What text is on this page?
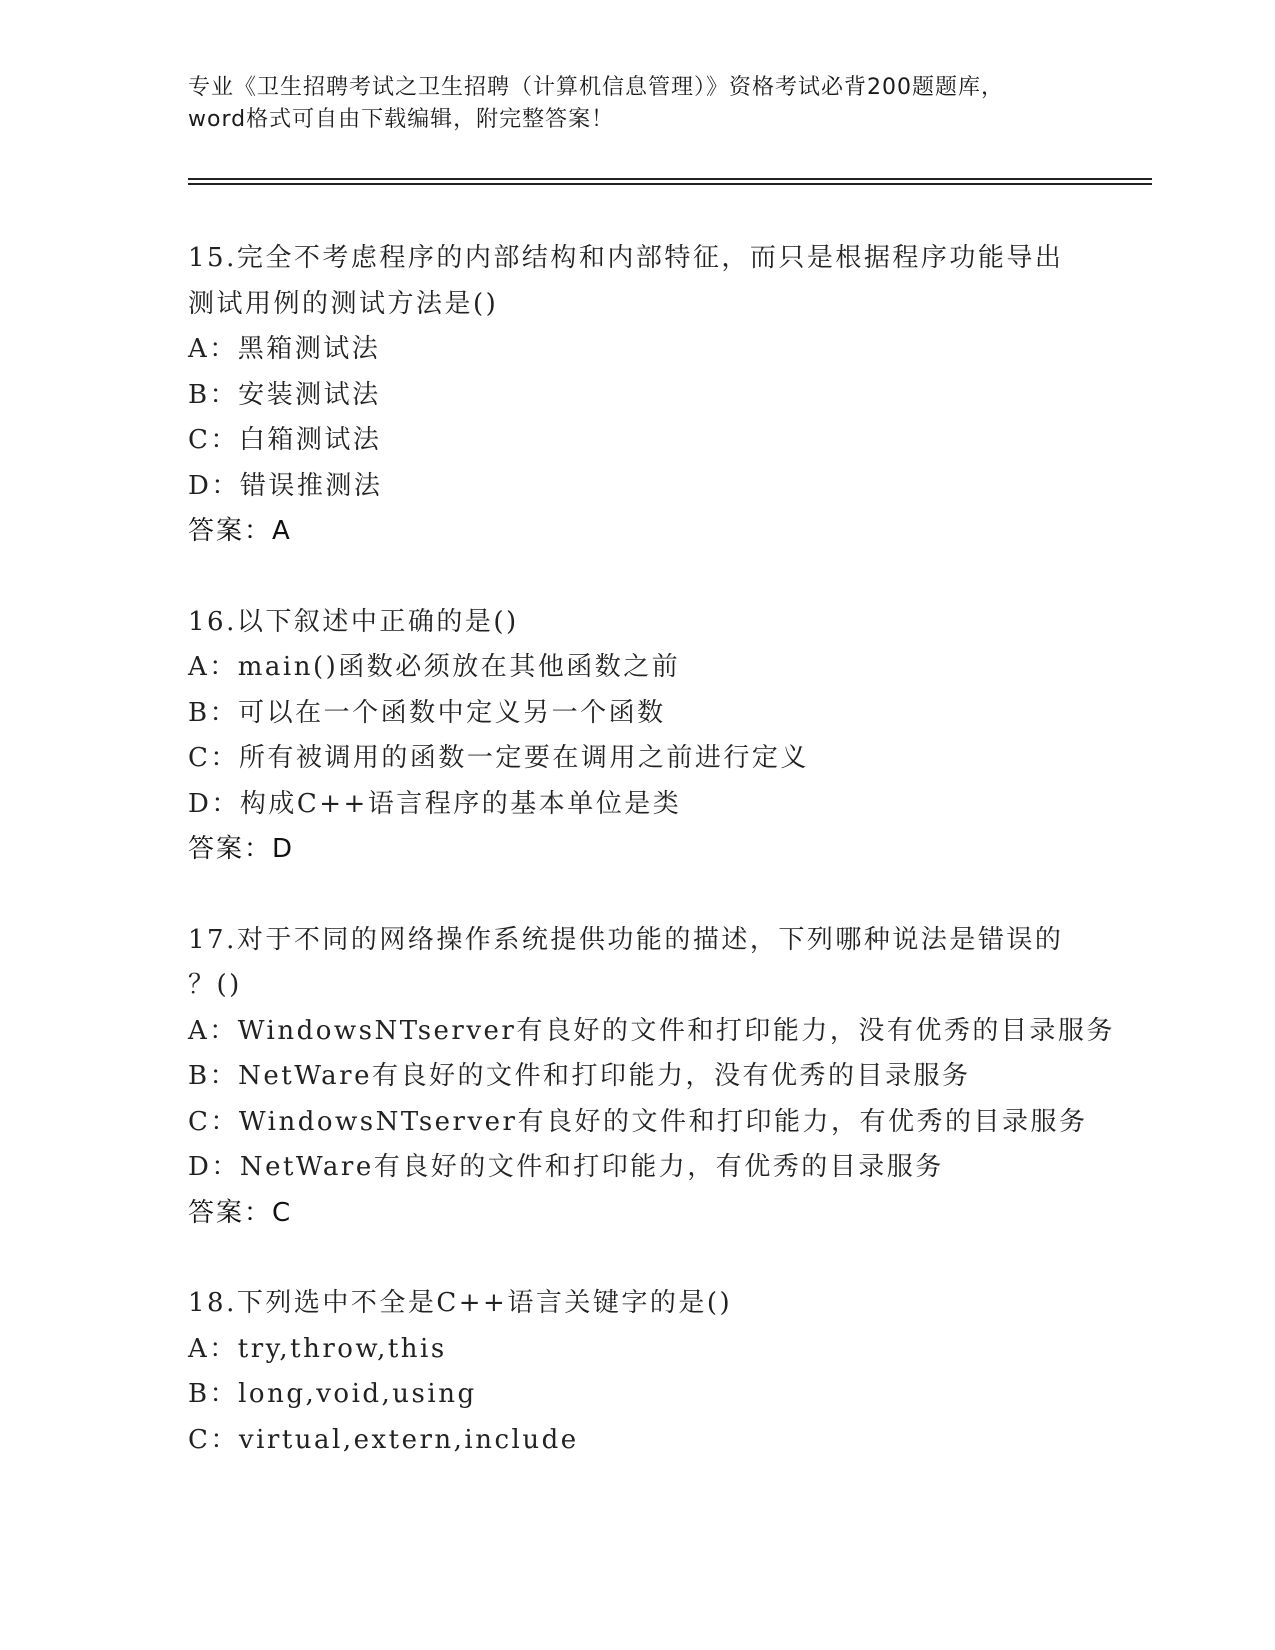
专业《卫生招聘考试之卫生招聘（计算机信息管理）》资格考试必背200题题库，
word格式可自由下载编辑，附完整答案！
15.完全不考虑程序的内部结构和内部特征，而只是根据程序功能导出
测试用例的测试方法是()
A：黑箱测试法
B：安装测试法
C：白箱测试法
D：错误推测法
答案：A
16.以下叙述中正确的是()
A：main()函数必须放在其他函数之前
B：可以在一个函数中定义另一个函数
C：所有被调用的函数一定要在调用之前进行定义
D：构成C++语言程序的基本单位是类
答案：D
17.对于不同的网络操作系统提供功能的描述，下列哪种说法是错误的
？()
A：WindowsNTserver有良好的文件和打印能力，没有优秀的目录服务
B：NetWare有良好的文件和打印能力，没有优秀的目录服务
C：WindowsNTserver有良好的文件和打印能力，有优秀的目录服务
D：NetWare有良好的文件和打印能力，有优秀的目录服务
答案：C
18.下列选中不全是C++语言关键字的是()
A：try,throw,this
B：long,void,using
C：virtual,extern,include
